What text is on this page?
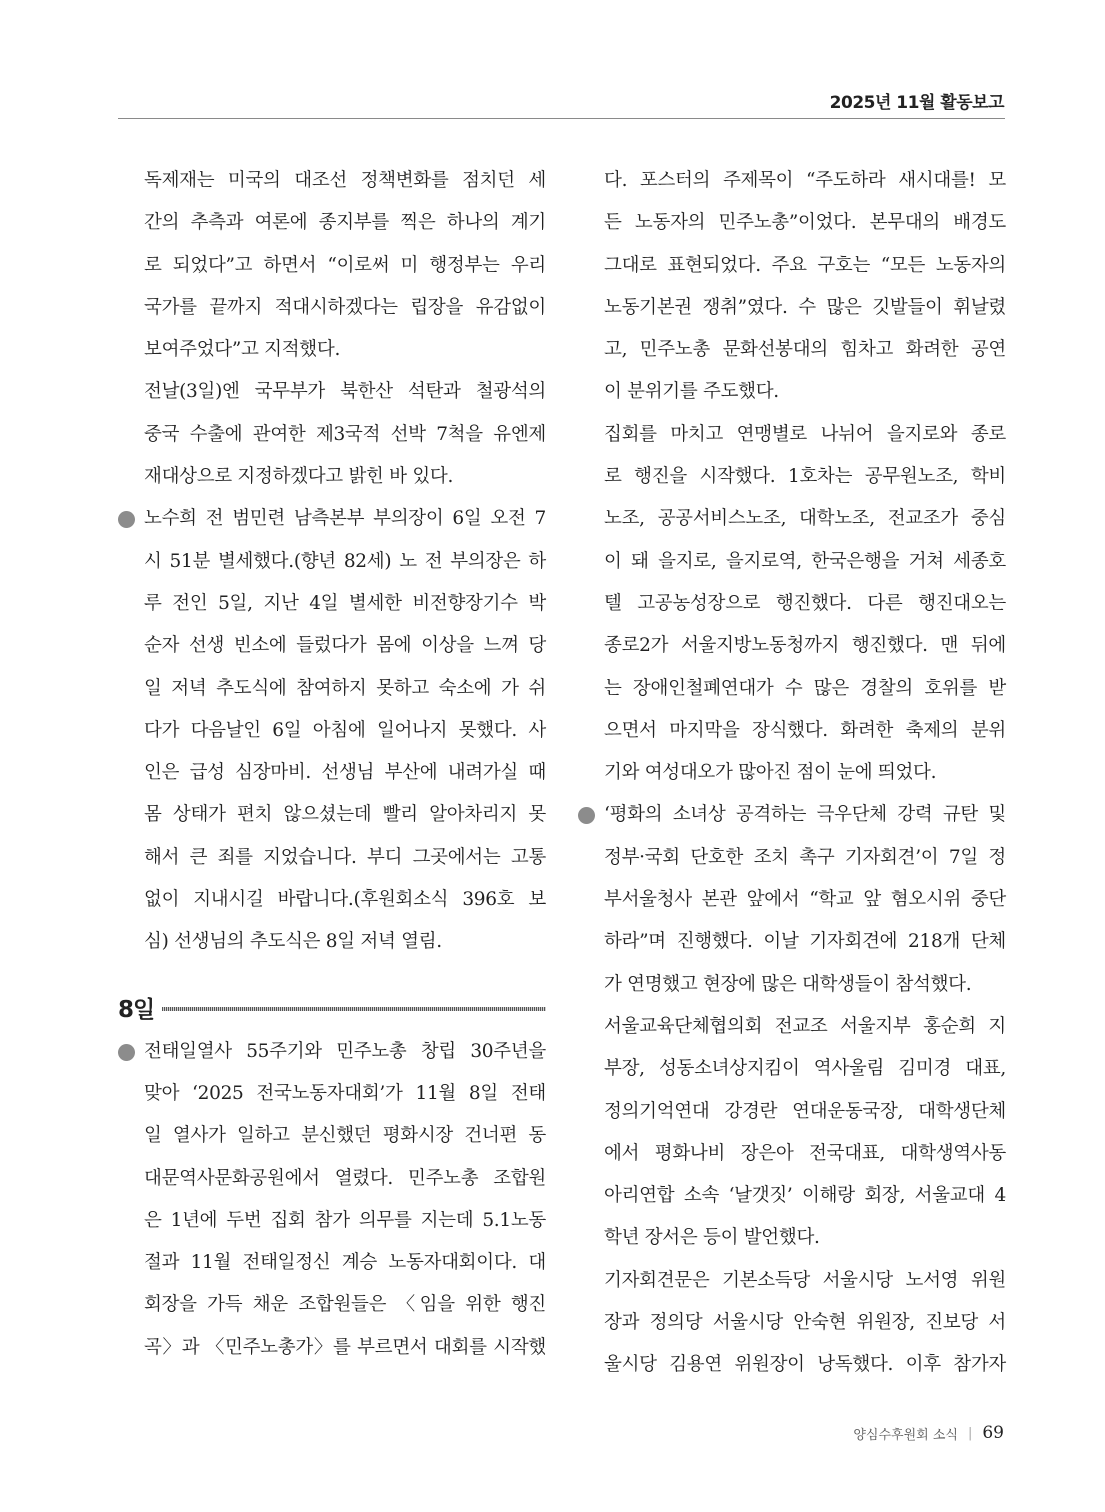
2025년 11월 활동보고
독제재는 미국의 대조선 정책변화를 점치던 세
간의 추측과 여론에 종지부를 찍은 하나의 계기
로 되었다”고 하면서 “이로써 미 행정부는 우리
국가를 끝까지 적대시하겠다는 립장을 유감없이
보여주었다”고 지적했다.
전날(3일)엔 국무부가 북한산 석탄과 철광석의
중국 수출에 관여한 제3국적 선박 7척을 유엔제
재대상으로 지정하겠다고 밝힌 바 있다.
노수희 전 범민련 남측본부 부의장이 6일 오전 7
시 51분 별세했다.(향년 82세) 노 전 부의장은 하
루 전인 5일, 지난 4일 별세한 비전향장기수 박
순자 선생 빈소에 들렀다가 몸에 이상을 느껴 당
일 저녁 추도식에 참여하지 못하고 숙소에 가 쉬
다가 다음날인 6일 아침에 일어나지 못했다. 사
인은 급성 심장마비. 선생님 부산에 내려가실 때
몸 상태가 편치 않으셨는데 빨리 알아차리지 못
해서 큰 죄를 지었습니다. 부디 그곳에서는 고통
없이 지내시길 바랍니다.(후원회소식 396호 보
심) 선생님의 추도식은 8일 저녁 열림.
8일
전태일열사 55주기와 민주노총 창립 30주년을
맞아 ‘2025 전국노동자대회’가 11월 8일 전태
일 열사가 일하고 분신했던 평화시장 건너편 동
대문역사문화공원에서 열렸다. 민주노총 조합원
은 1년에 두번 집회 참가 의무를 지는데 5.1노동
절과 11월 전태일정신 계승 노동자대회이다. 대
회장을 가득 채운 조합원들은 〈임을 위한 행진
곡〉과 〈민주노총가〉를 부르면서 대회를 시작했
다. 포스터의 주제목이 “주도하라 새시대를! 모
든 노동자의 민주노총”이었다. 본무대의 배경도
그대로 표현되었다. 주요 구호는 “모든 노동자의
노동기본권 쟁취”였다. 수 많은 깃발들이 휘날렸
고, 민주노총 문화선봉대의 힘차고 화려한 공연
이 분위기를 주도했다.
집회를 마치고 연맹별로 나뉘어 을지로와 종로
로 행진을 시작했다. 1호차는 공무원노조, 학비
노조, 공공서비스노조, 대학노조, 전교조가 중심
이 돼 을지로, 을지로역, 한국은행을 거쳐 세종호
텔 고공농성장으로 행진했다. 다른 행진대오는
종로2가 서울지방노동청까지 행진했다. 맨 뒤에
는 장애인철폐연대가 수 많은 경찰의 호위를 받
으면서 마지막을 장식했다. 화려한 축제의 분위
기와 여성대오가 많아진 점이 눈에 띄었다.
‘평화의 소녀상 공격하는 극우단체 강력 규탄 및
정부·국회 단호한 조치 촉구 기자회견’이 7일 정
부서울청사 본관 앞에서 “학교 앞 혐오시위 중단
하라”며 진행했다. 이날 기자회견에 218개 단체
가 연명했고 현장에 많은 대학생들이 참석했다.
서울교육단체협의회 전교조 서울지부 홍순희 지
부장, 성동소녀상지킴이 역사울림 김미경 대표,
정의기억연대 강경란 연대운동국장, 대학생단체
에서 평화나비 장은아 전국대표, 대학생역사동
아리연합 소속 ‘날갯짓’ 이해랑 회장, 서울교대 4
학년 장서은 등이 발언했다.
기자회견문은 기본소득당 서울시당 노서영 위원
장과 정의당 서울시당 안숙현 위원장, 진보당 서
울시당 김용연 위원장이 낭독했다. 이후 참가자
양심수후원회 소식 | 69
